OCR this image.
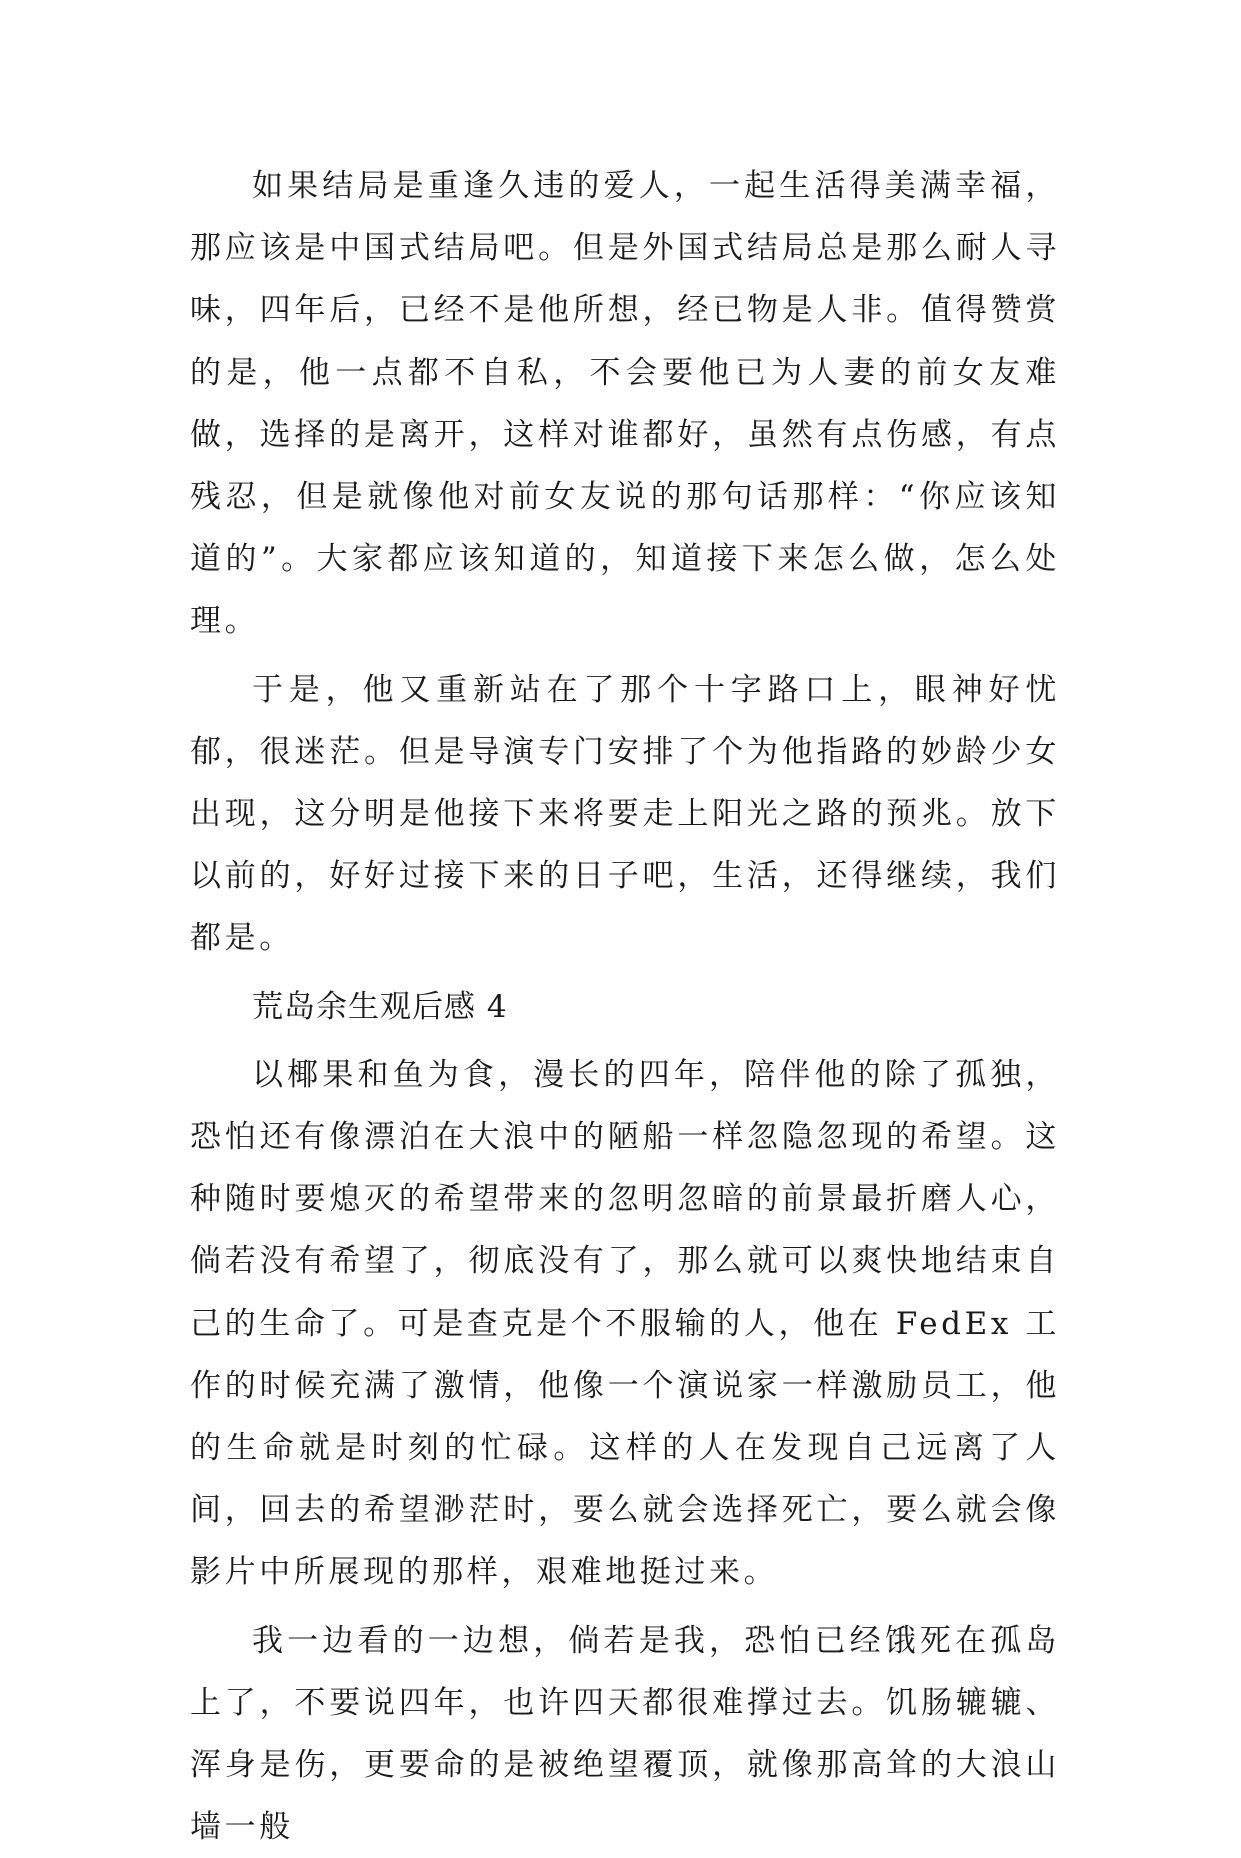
如果结局是重逢久违的爱人，一起生活得美满幸福，那应该是中国式结局吧。但是外国式结局总是那么耐人寻味，四年后，已经不是他所想，经已物是人非。值得赞赏的是，他一点都不自私，不会要他已为人妻的前女友难做，选择的是离开，这样对谁都好，虽然有点伤感，有点残忍，但是就像他对前女友说的那句话那样：“你应该知道的”。大家都应该知道的，知道接下来怎么做，怎么处理。

于是，他又重新站在了那个十字路口上，眼神好忧郁，很迷茫。但是导演专门安排了个为他指路的妙龄少女出现，这分明是他接下来将要走上阳光之路的预兆。放下以前的，好好过接下来的日子吧，生活，还得继续，我们都是。

荒岛余生观后感 4

以椰果和鱼为食，漫长的四年，陪伴他的除了孤独，恐怕还有像漂泊在大浪中的陋船一样忽隐忽现的希望。这种随时要熄灭的希望带来的忽明忽暗的前景最折磨人心，倘若没有希望了，彻底没有了，那么就可以爽快地结束自己的生命了。可是查克是个不服输的人，他在 FedEx 工作的时候充满了激情，他像一个演说家一样激励员工，他的生命就是时刻的忙碌。这样的人在发现自己远离了人间，回去的希望渺茫时，要么就会选择死亡，要么就会像影片中所展现的那样，艰难地挺过来。

我一边看的一边想，倘若是我，恐怕已经饿死在孤岛上了，不要说四年，也许四天都很难撑过去。饥肠辘辘、浑身是伤，更要命的是被绝望覆顶，就像那高耸的大浪山墙一般
